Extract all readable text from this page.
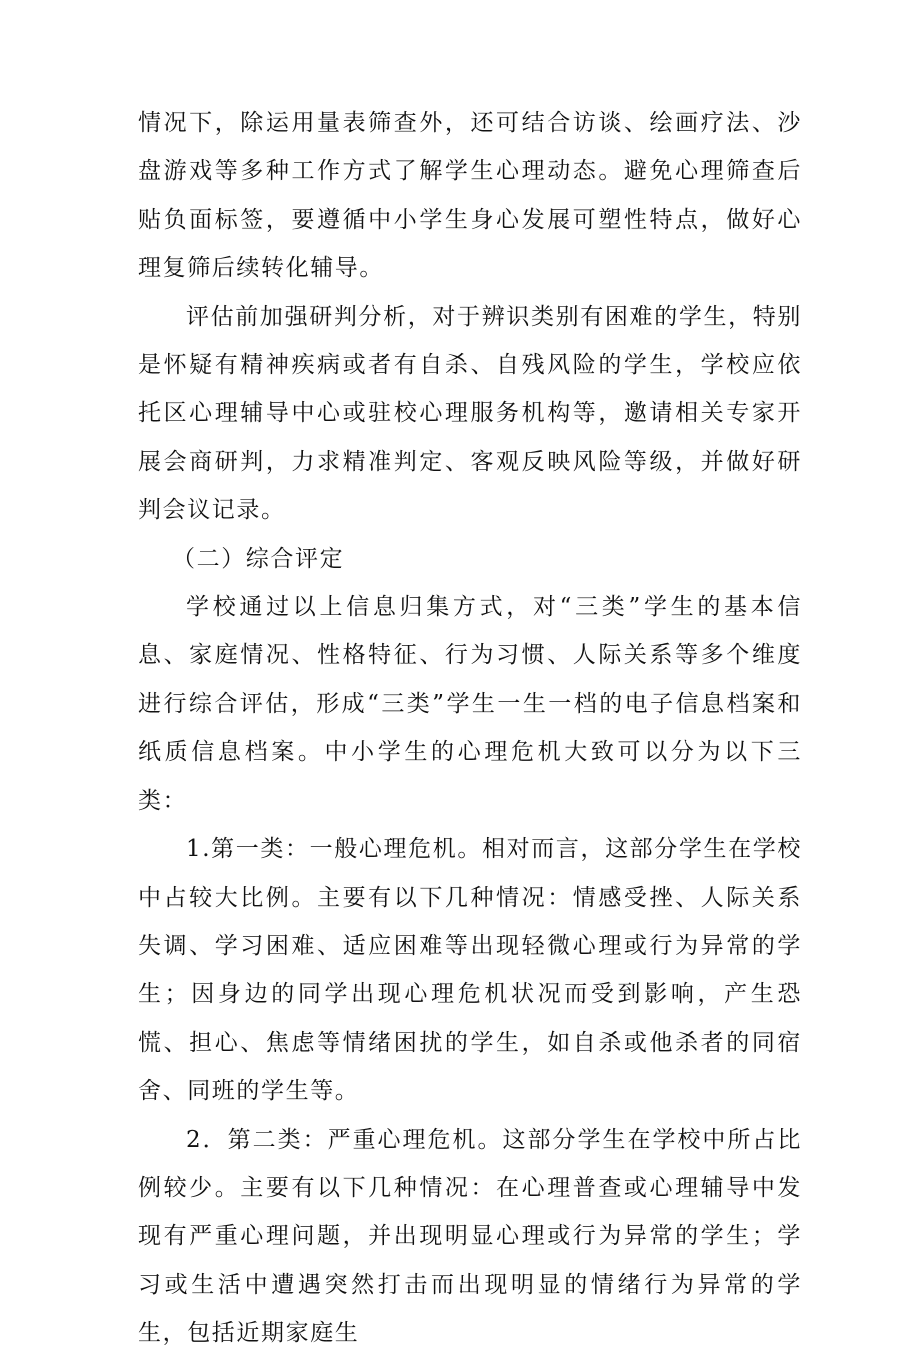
情况下，除运用量表筛查外，还可结合访谈、绘画疗法、沙盘游戏等多种工作方式了解学生心理动态。避免心理筛查后贴负面标签，要遵循中小学生身心发展可塑性特点，做好心理复筛后续转化辅导。

评估前加强研判分析，对于辨识类别有困难的学生，特别是怀疑有精神疾病或者有自杀、自残风险的学生，学校应依托区心理辅导中心或驻校心理服务机构等，邀请相关专家开展会商研判，力求精准判定、客观反映风险等级，并做好研判会议记录。

（二）综合评定

学校通过以上信息归集方式，对“三类”学生的基本信息、家庭情况、性格特征、行为习惯、人际关系等多个维度进行综合评估，形成“三类”学生一生一档的电子信息档案和纸质信息档案。中小学生的心理危机大致可以分为以下三类：

1.第一类：一般心理危机。相对而言，这部分学生在学校中占较大比例。主要有以下几种情况：情感受挫、人际关系失调、学习困难、适应困难等出现轻微心理或行为异常的学生；因身边的同学出现心理危机状况而受到影响，产生恐慌、担心、焦虑等情绪困扰的学生，如自杀或他杀者的同宿舍、同班的学生等。

2．第二类：严重心理危机。这部分学生在学校中所占比例较少。主要有以下几种情况：在心理普查或心理辅导中发现有严重心理问题，并出现明显心理或行为异常的学生；学习或生活中遭遇突然打击而出现明显的情绪行为异常的学生，包括近期家庭生
